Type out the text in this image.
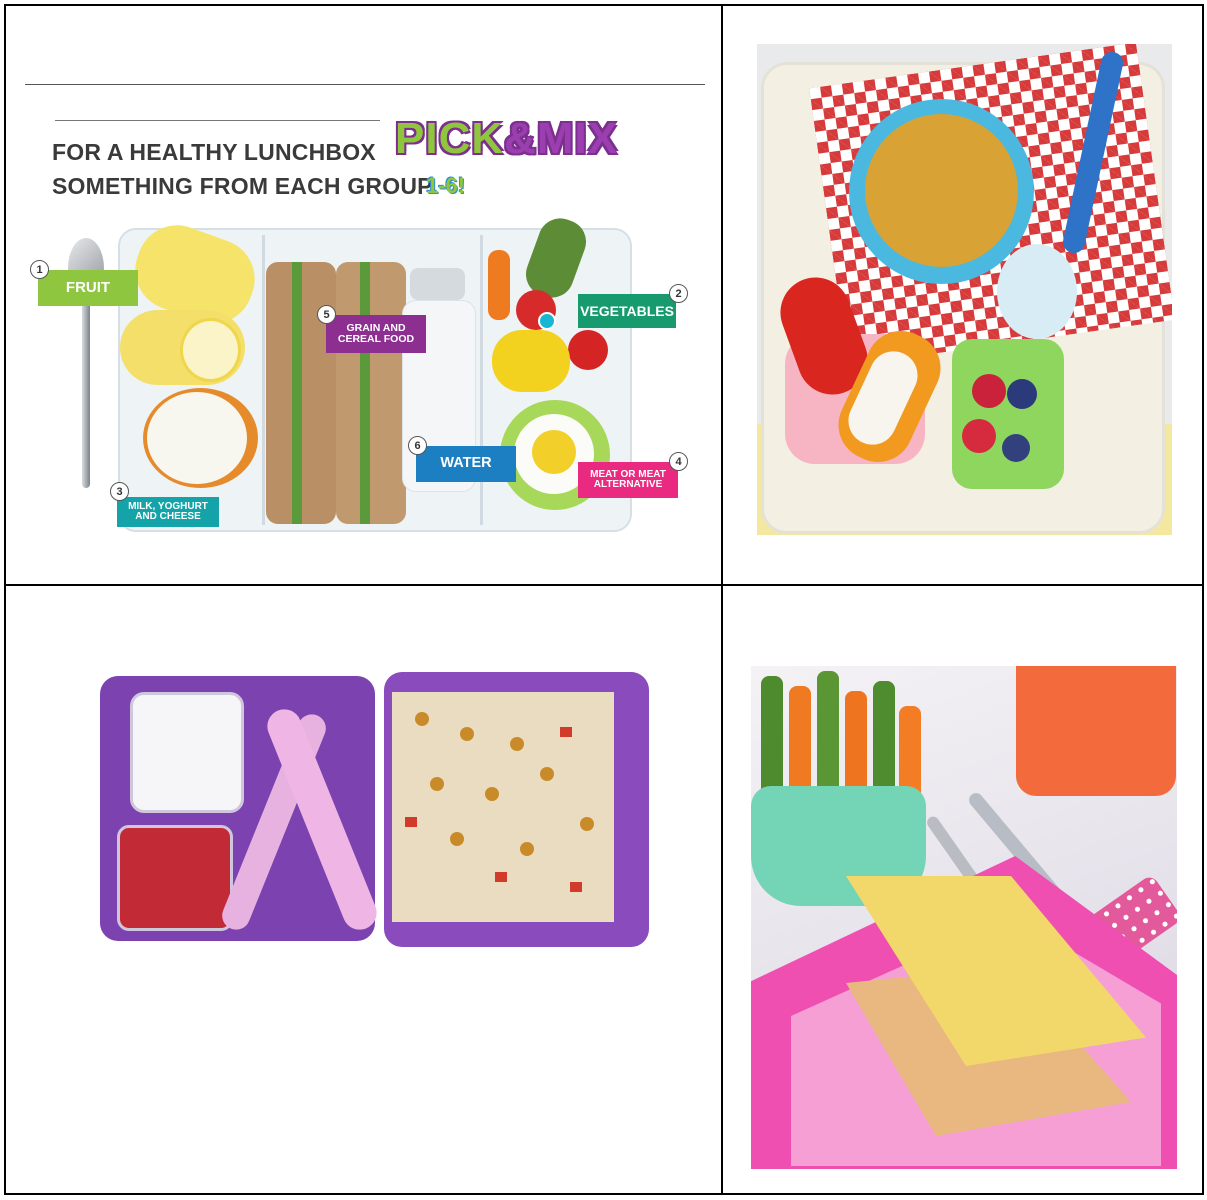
FOR A HEALTHY LUNCHBOX
SOMETHING FROM EACH GROUP
PICK&MIX
1-6!
FRUIT
1
VEGETABLES
2
MILK, YOGHURT AND CHEESE
3
MEAT OR MEAT ALTERNATIVE
4
GRAIN AND CEREAL FOOD
5
WATER
6
